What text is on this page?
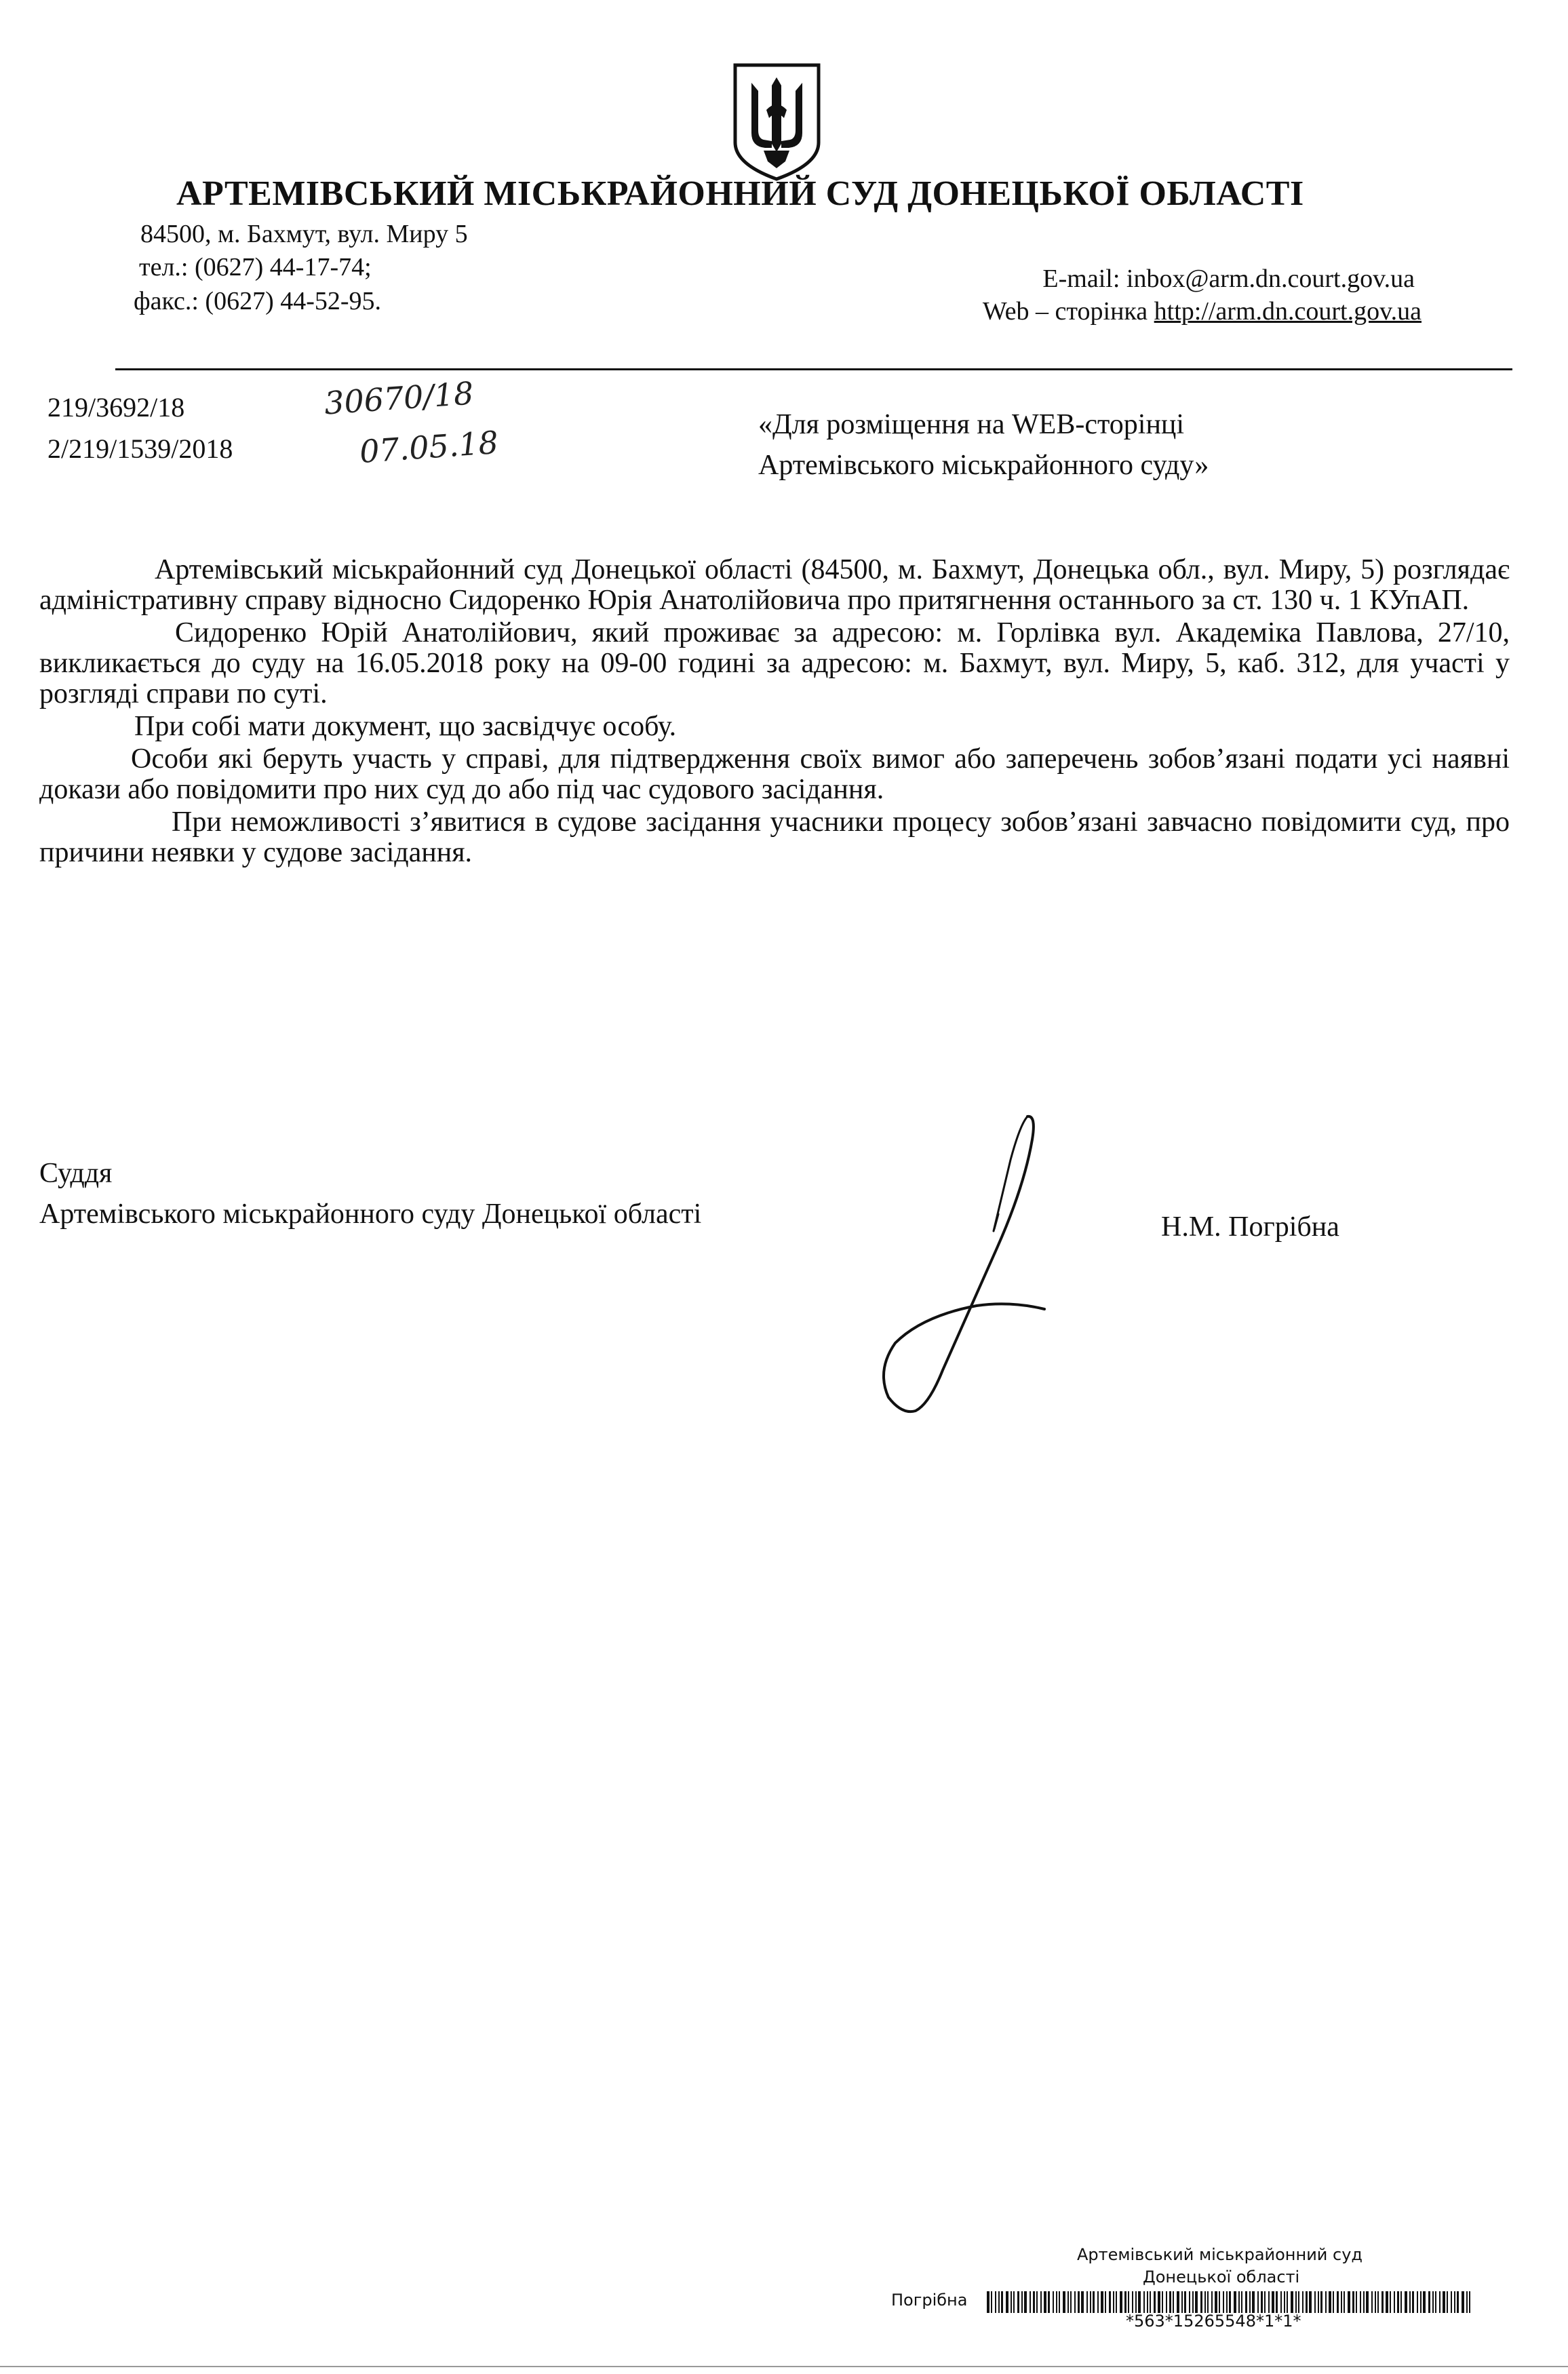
АРТЕМІВСЬКИЙ МІСЬКРАЙОННИЙ СУД ДОНЕЦЬКОЇ ОБЛАСТІ
84500, м. Бахмут, вул. Миру 5
тел.: (0627) 44-17-74;
факс.: (0627) 44-52-95.
E-mail: inbox@arm.dn.court.gov.ua
Web – сторінка http://arm.dn.court.gov.ua
219/3692/18
2/219/1539/2018
30670/18
07.05.18	«Для розміщення на WEB-сторінці
Артемівського міськрайонного суду»

Артемівський міськрайонний суд Донецької області (84500, м. Бахмут, Донецька обл., вул. Миру, 5) розглядає адміністративну справу відносно Сидоренко Юрія Анатолійовича про притягнення останнього за ст. 130 ч. 1 КУпАП.

Сидоренко Юрій Анатолійович, який проживає за адресою: м. Горлівка вул. Академіка Павлова, 27/10, викликається до суду на 16.05.2018 року на 09-00 годині за адресою: м. Бахмут, вул. Миру, 5, каб. 312, для участі у розгляді справи по суті.

При собі мати документ, що засвідчує особу.

Особи які беруть участь у справі, для підтвердження своїх вимог або заперечень зобов’язані подати усі наявні докази або повідомити про них суд до або під час судового засідання.

При неможливості з’явитися в судове засідання учасники процесу зобов’язані завчасно повідомити суд, про причини неявки у судове засідання.

Суддя
Артемівського міськрайонного суду Донецької області	Н.М. Погрібна
Артемівський міськрайонний суд
Донецької області
Погрібна
*563*15265548*1*1*
